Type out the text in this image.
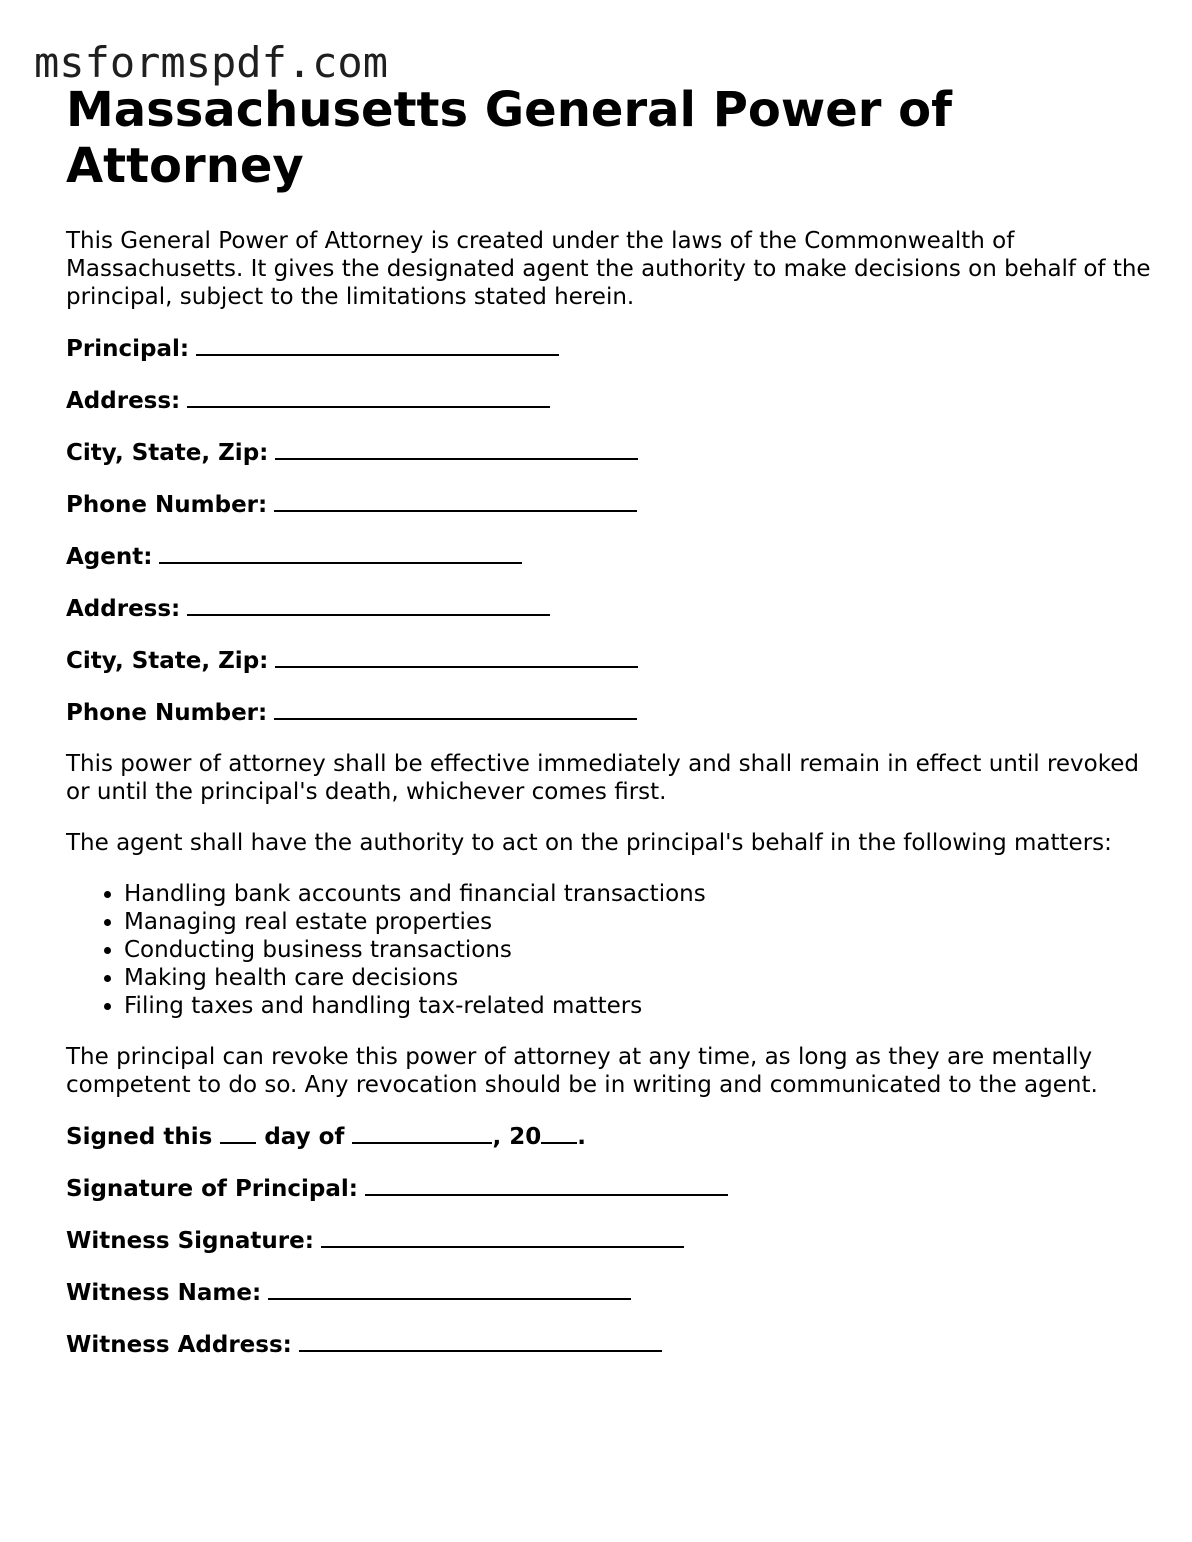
msformspdf.com
Massachusetts General Power of Attorney

This General Power of Attorney is created under the laws of the Commonwealth of Massachusetts. It gives the designated agent the authority to make decisions on behalf of the principal, subject to the limitations stated herein.

Principal:
Address:
City, State, Zip:
Phone Number:
Agent:
Address:
City, State, Zip:
Phone Number:

This power of attorney shall be effective immediately and shall remain in effect until revoked or until the principal's death, whichever comes first.

The agent shall have the authority to act on the principal's behalf in the following matters:

• Handling bank accounts and financial transactions
• Managing real estate properties
• Conducting business transactions
• Making health care decisions
• Filing taxes and handling tax-related matters

The principal can revoke this power of attorney at any time, as long as they are mentally competent to do so. Any revocation should be in writing and communicated to the agent.

Signed this day of	, 20 .
Signature of Principal:
Witness Signature:
Witness Name:
Witness Address:
